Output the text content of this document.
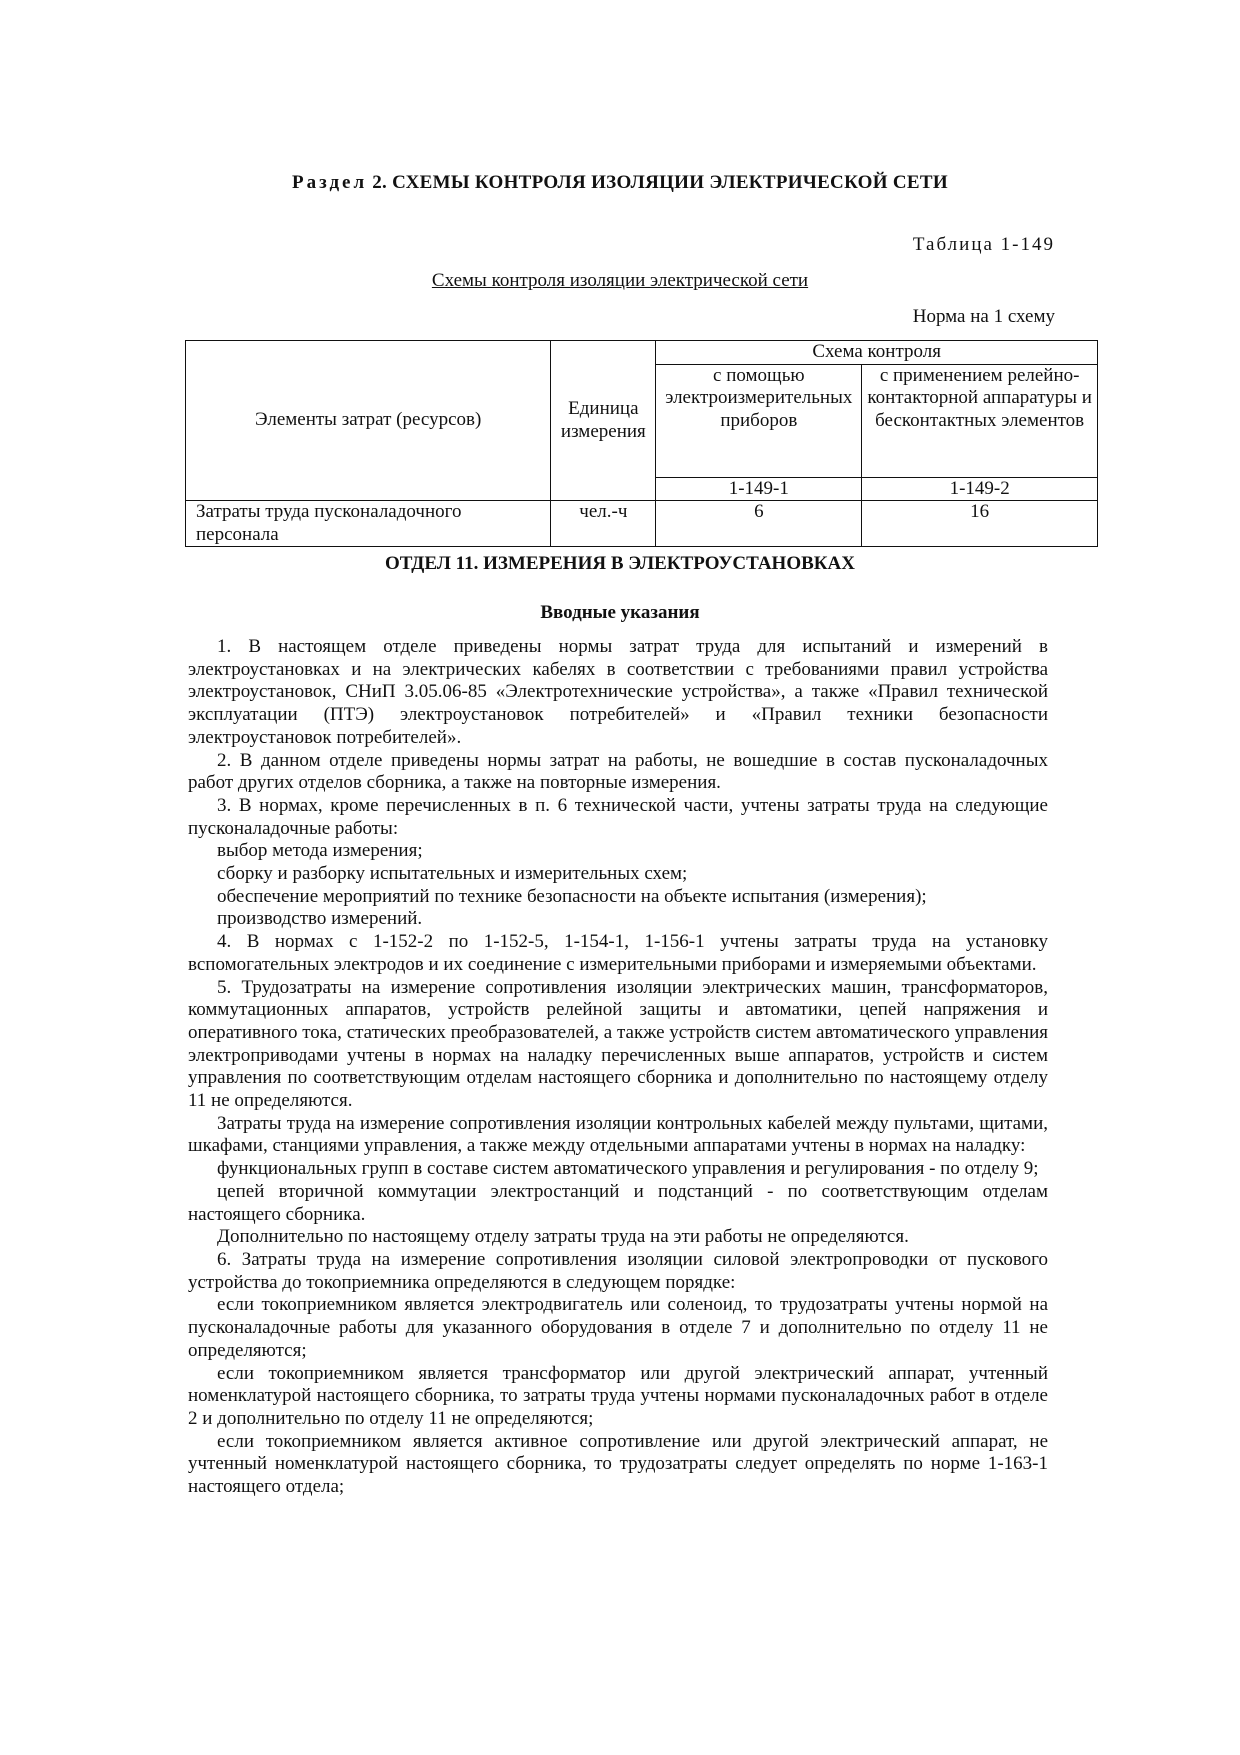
Раздел 2. СХЕМЫ КОНТРОЛЯ ИЗОЛЯЦИИ ЭЛЕКТРИЧЕСКОЙ СЕТИ
Таблица 1-149
Схемы контроля изоляции электрической сети
Норма на 1 схему
Элементы затрат (ресурсов)	Единица измерения	Схема контроля	
		с помощью электроизмерительных приборов	с применением релейно-контакторной аппаратуры и бесконтактных элементов
		1-149-1	1-149-2
Затраты труда пусконаладочного персонала	чел.-ч	6	16
ОТДЕЛ 11. ИЗМЕРЕНИЯ В ЭЛЕКТРОУСТАНОВКАХ
Вводные указания

1. В настоящем отделе приведены нормы затрат труда для испытаний и измерений в электроустановках и на электрических кабелях в соответствии с требованиями правил устройства электроустановок, СНиП 3.05.06-85 «Электротехнические устройства», а также «Правил технической эксплуатации (ПТЭ) электроустановок потребителей» и «Правил техники безопасности электроустановок потребителей».

2. В данном отделе приведены нормы затрат на работы, не вошедшие в состав пусконаладочных работ других отделов сборника, а также на повторные измерения.

3. В нормах, кроме перечисленных в п. 6 технической части, учтены затраты труда на следующие пусконаладочные работы:

выбор метода измерения;

сборку и разборку испытательных и измерительных схем;

обеспечение мероприятий по технике безопасности на объекте испытания (измерения);

производство измерений.

4. В нормах с 1-152-2 по 1-152-5, 1-154-1, 1-156-1 учтены затраты труда на установку вспомогательных электродов и их соединение с измерительными приборами и измеряемыми объектами.

5. Трудозатраты на измерение сопротивления изоляции электрических машин, трансформаторов, коммутационных аппаратов, устройств релейной защиты и автоматики, цепей напряжения и оперативного тока, статических преобразователей, а также устройств систем автоматического управления электроприводами учтены в нормах на наладку перечисленных выше аппаратов, устройств и систем управления по соответствующим отделам настоящего сборника и дополнительно по настоящему отделу 11 не определяются.

Затраты труда на измерение сопротивления изоляции контрольных кабелей между пультами, щитами, шкафами, станциями управления, а также между отдельными аппаратами учтены в нормах на наладку:

функциональных групп в составе систем автоматического управления и регулирования - по отделу 9;

цепей вторичной коммутации электростанций и подстанций - по соответствующим отделам настоящего сборника.

Дополнительно по настоящему отделу затраты труда на эти работы не определяются.

6. Затраты труда на измерение сопротивления изоляции силовой электропроводки от пускового устройства до токоприемника определяются в следующем порядке:

если токоприемником является электродвигатель или соленоид, то трудозатраты учтены нормой на пусконаладочные работы для указанного оборудования в отделе 7 и дополнительно по отделу 11 не определяются;

если токоприемником является трансформатор или другой электрический аппарат, учтенный номенклатурой настоящего сборника, то затраты труда учтены нормами пусконаладочных работ в отделе 2 и дополнительно по отделу 11 не определяются;

если токоприемником является активное сопротивление или другой электрический аппарат, не учтенный номенклатурой настоящего сборника, то трудозатраты следует определять по норме 1-163-1 настоящего отдела;
